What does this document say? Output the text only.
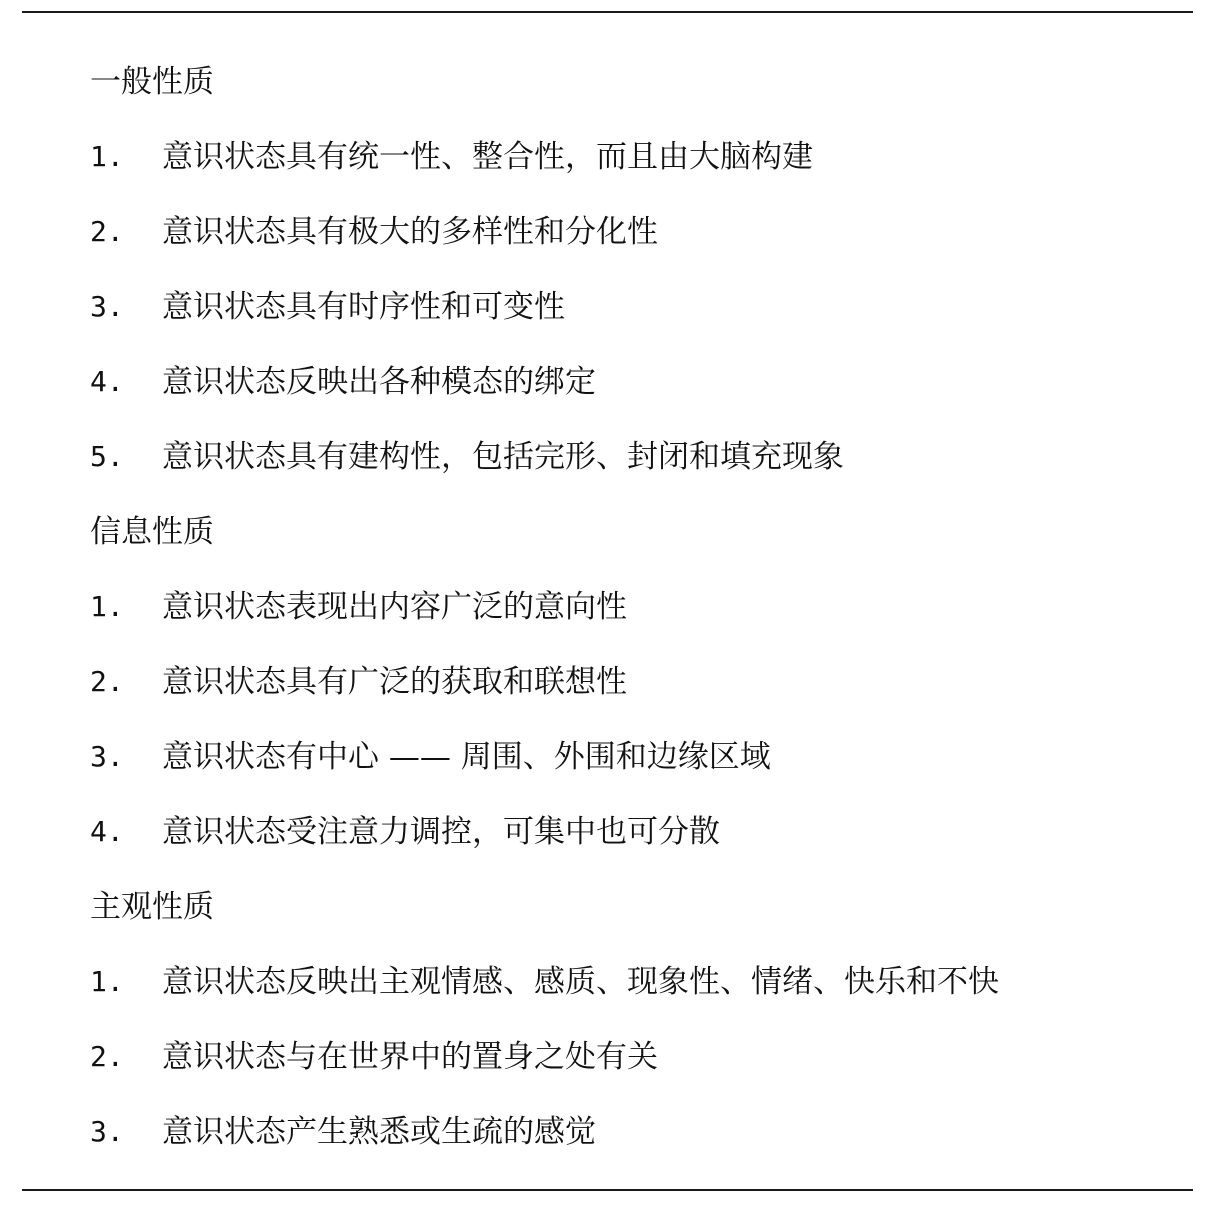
一般性质
1.	意识状态具有统一性、整合性，而且由大脑构建
2.	意识状态具有极大的多样性和分化性
3.	意识状态具有时序性和可变性
4.	意识状态反映出各种模态的绑定
5.	意识状态具有建构性，包括完形、封闭和填充现象
信息性质
1.	意识状态表现出内容广泛的意向性
2.	意识状态具有广泛的获取和联想性
3.	意识状态有中心 —— 周围、外围和边缘区域
4.	意识状态受注意力调控，可集中也可分散
主观性质
1.	意识状态反映出主观情感、感质、现象性、情绪、快乐和不快
2.	意识状态与在世界中的置身之处有关
3.	意识状态产生熟悉或生疏的感觉
